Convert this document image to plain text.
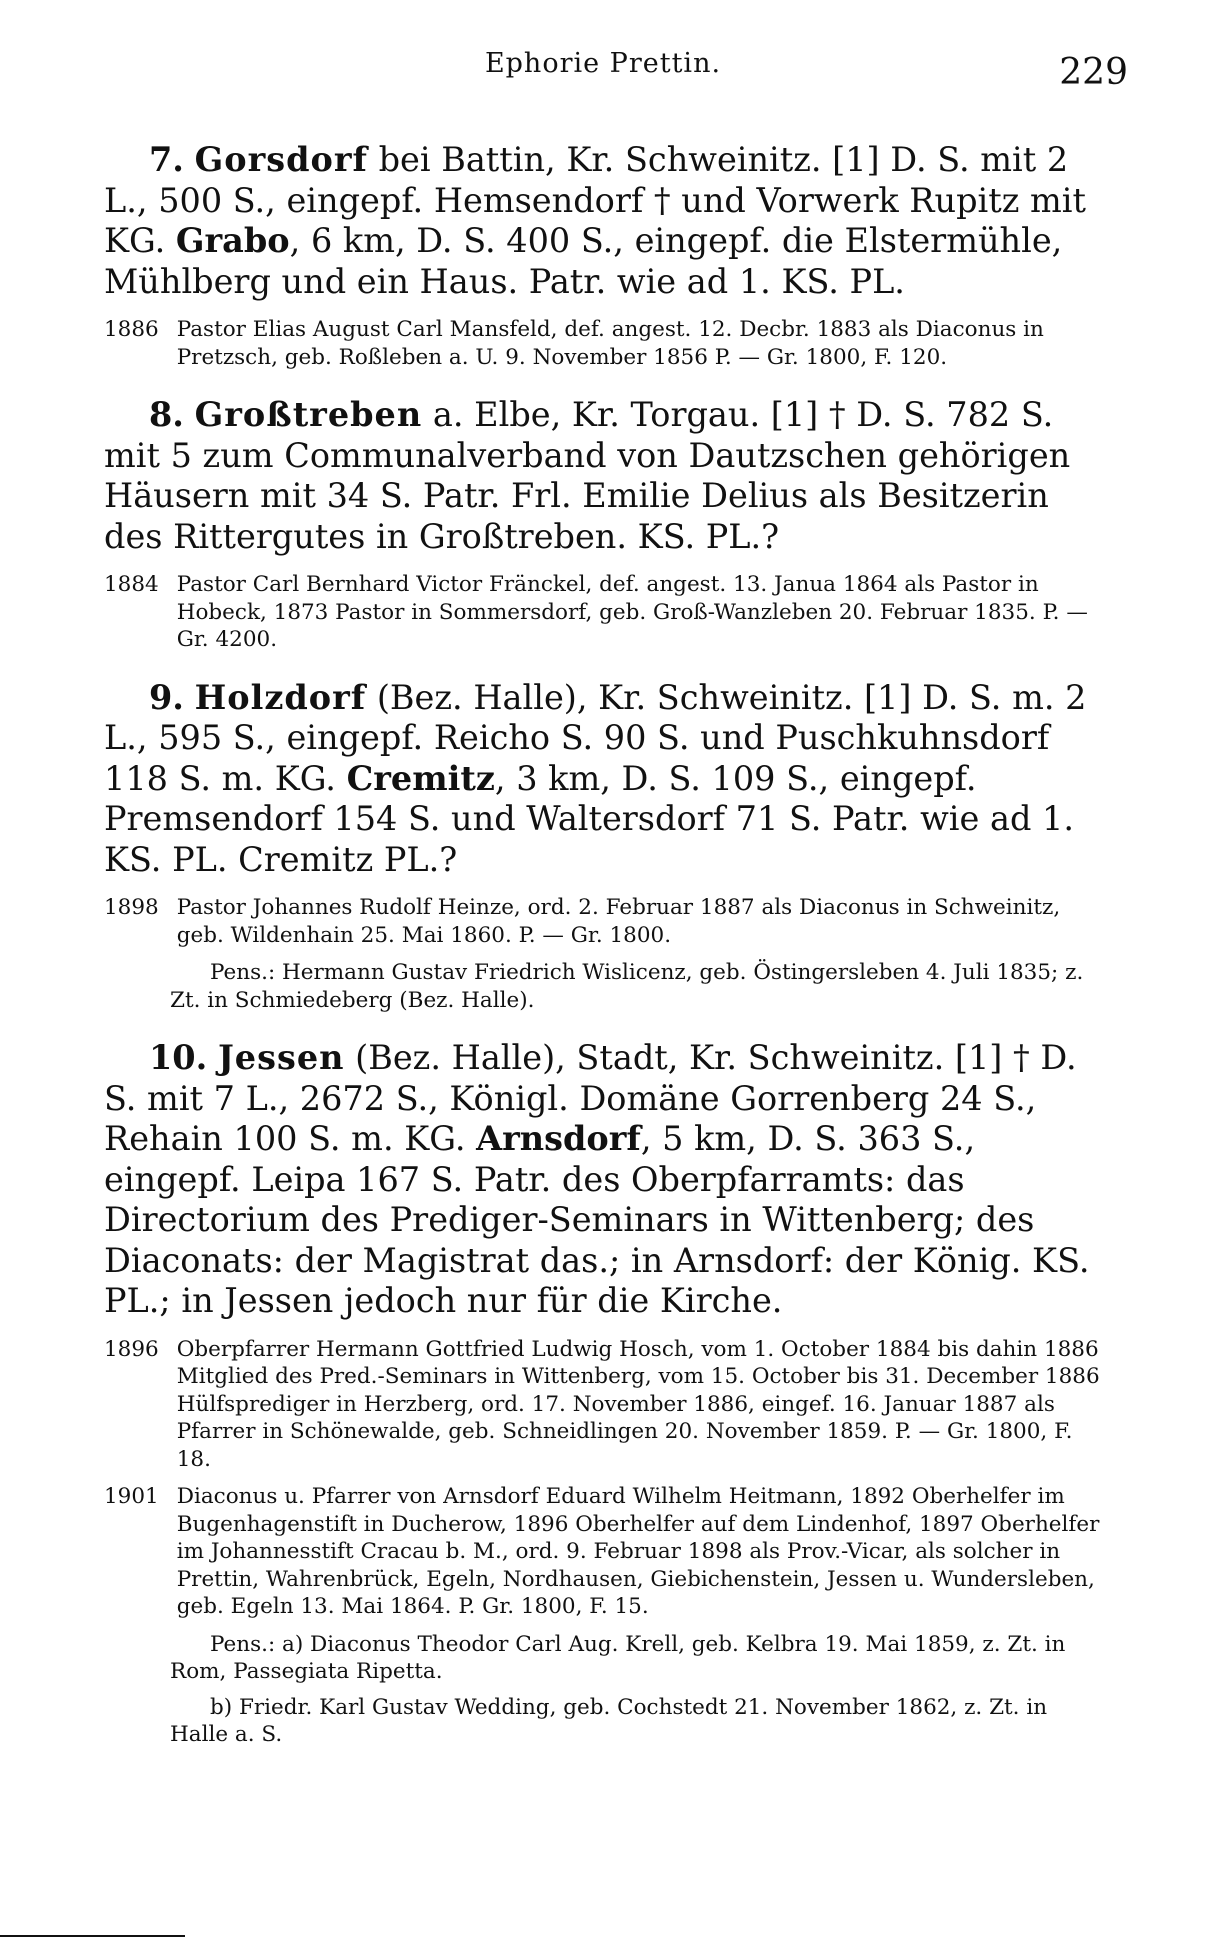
Ephorie Prettin.	229

7. Gorsdorf bei Battin, Kr. Schweinitz. [1] D. S. mit 2 L., 500 S., eingepf. Hemsendorf † und Vorwerk Rupitz mit KG. Grabo, 6 km, D. S. 400 S., eingepf. die Elstermühle, Mühlberg und ein Haus. Patr. wie ad 1. KS. PL.

1886 Pastor Elias August Carl Mansfeld, def. angest. 12. Decbr. 1883 als Diaconus in Pretzsch, geb. Roßleben a. U. 9. November 1856 P. — Gr. 1800, F. 120.

8. Großtreben a. Elbe, Kr. Torgau. [1] † D. S. 782 S. mit 5 zum Communalverband von Dautzschen gehörigen Häusern mit 34 S. Patr. Frl. Emilie Delius als Besitzerin des Rittergutes in Großtreben. KS. PL.?

1884 Pastor Carl Bernhard Victor Fränckel, def. angest. 13. Janua 1864 als Pastor in Hobeck, 1873 Pastor in Sommersdorf, geb. Groß-Wanzleben 20. Februar 1835. P. — Gr. 4200.

9. Holzdorf (Bez. Halle), Kr. Schweinitz. [1] D. S. m. 2 L., 595 S., eingepf. Reicho S. 90 S. und Puschkuhnsdorf 118 S. m. KG. Cremitz, 3 km, D. S. 109 S., eingepf. Premsendorf 154 S. und Waltersdorf 71 S. Patr. wie ad 1. KS. PL. Cremitz PL.?

1898 Pastor Johannes Rudolf Heinze, ord. 2. Februar 1887 als Diaconus in Schweinitz, geb. Wildenhain 25. Mai 1860. P. — Gr. 1800.

Pens.: Hermann Gustav Friedrich Wislicenz, geb. Östingersleben 4. Juli 1835; z. Zt. in Schmiedeberg (Bez. Halle).

10. Jessen (Bez. Halle), Stadt, Kr. Schweinitz. [1] † D. S. mit 7 L., 2672 S., Königl. Domäne Gorrenberg 24 S., Rehain 100 S. m. KG. Arnsdorf, 5 km, D. S. 363 S., eingepf. Leipa 167 S. Patr. des Oberpfarramts: das Directorium des Prediger-Seminars in Wittenberg; des Diaconats: der Magistrat das.; in Arnsdorf: der König. KS. PL.; in Jessen jedoch nur für die Kirche.

1896 Oberpfarrer Hermann Gottfried Ludwig Hosch, vom 1. October 1884 bis dahin 1886 Mitglied des Pred.-Seminars in Wittenberg, vom 15. October bis 31. December 1886 Hülfsprediger in Herzberg, ord. 17. November 1886, eingef. 16. Januar 1887 als Pfarrer in Schönewalde, geb. Schneidlingen 20. November 1859. P. — Gr. 1800, F. 18.
1901 Diaconus u. Pfarrer von Arnsdorf Eduard Wilhelm Heitmann, 1892 Oberhelfer im Bugenhagenstift in Ducherow, 1896 Oberhelfer auf dem Lindenhof, 1897 Oberhelfer im Johannesstift Cracau b. M., ord. 9. Februar 1898 als Prov.-Vicar, als solcher in Prettin, Wahrenbrück, Egeln, Nordhausen, Giebichenstein, Jessen u. Wundersleben, geb. Egeln 13. Mai 1864. P. Gr. 1800, F. 15.

Pens.: a) Diaconus Theodor Carl Aug. Krell, geb. Kelbra 19. Mai 1859, z. Zt. in Rom, Passegiata Ripetta.

b) Friedr. Karl Gustav Wedding, geb. Cochstedt 21. November 1862, z. Zt. in Halle a. S.
